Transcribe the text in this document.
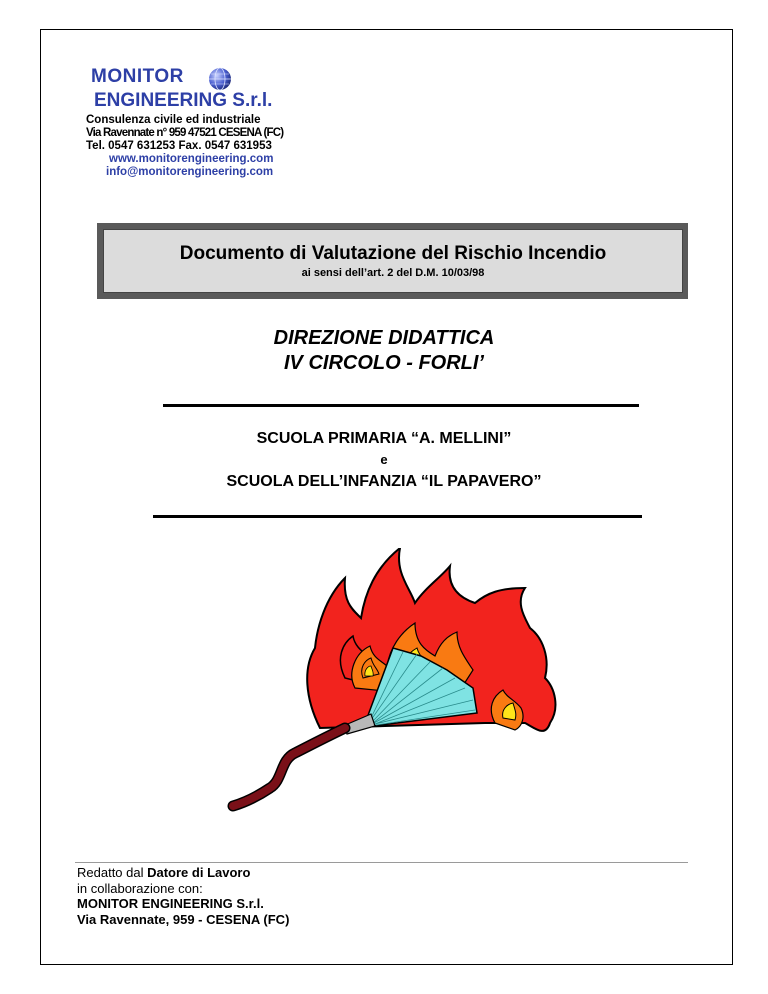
MONITOR
ENGINEERING S.r.l.
Consulenza civile ed industriale
Via Ravennate n° 959 47521 CESENA (FC)
Tel. 0547 631253 Fax. 0547 631953
www.monitorengineering.com
info@monitorengineering.com
Documento di Valutazione del Rischio Incendio
ai sensi dell’art. 2 del D.M. 10/03/98
DIREZIONE DIDATTICA
IV CIRCOLO - FORLI’
SCUOLA PRIMARIA “A. MELLINI”
e
SCUOLA DELL’INFANZIA “IL PAPAVERO”
Redatto dal Datore di Lavoro
in collaborazione con:
MONITOR ENGINEERING S.r.l.
Via Ravennate, 959 - CESENA (FC)
